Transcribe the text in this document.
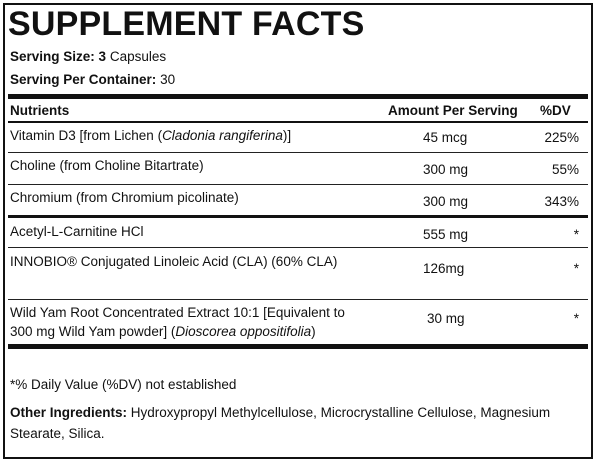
SUPPLEMENT FACTS
Serving Size: 3 Capsules
Serving Per Container: 30
Nutrients	Amount Per Serving %DV
Vitamin D3 [from Lichen (Cladonia rangiferina)]	45 mcg	225%
Choline (from Choline Bitartrate)	300 mg	55%
Chromium (from Chromium picolinate)	300 mg	343%
Acetyl-L-Carnitine HCl	555 mg	*
INNOBIO® Conjugated Linoleic Acid (CLA) (60% CLA)	126mg	*
Wild Yam Root Concentrated Extract 10:1 [Equivalent to
300 mg Wild Yam powder] (Dioscorea oppositifolia)
30 mg	*
*% Daily Value (%DV) not established
Other Ingredients: Hydroxypropyl Methylcellulose, Microcrystalline Cellulose, Magnesium Stearate, Silica.
